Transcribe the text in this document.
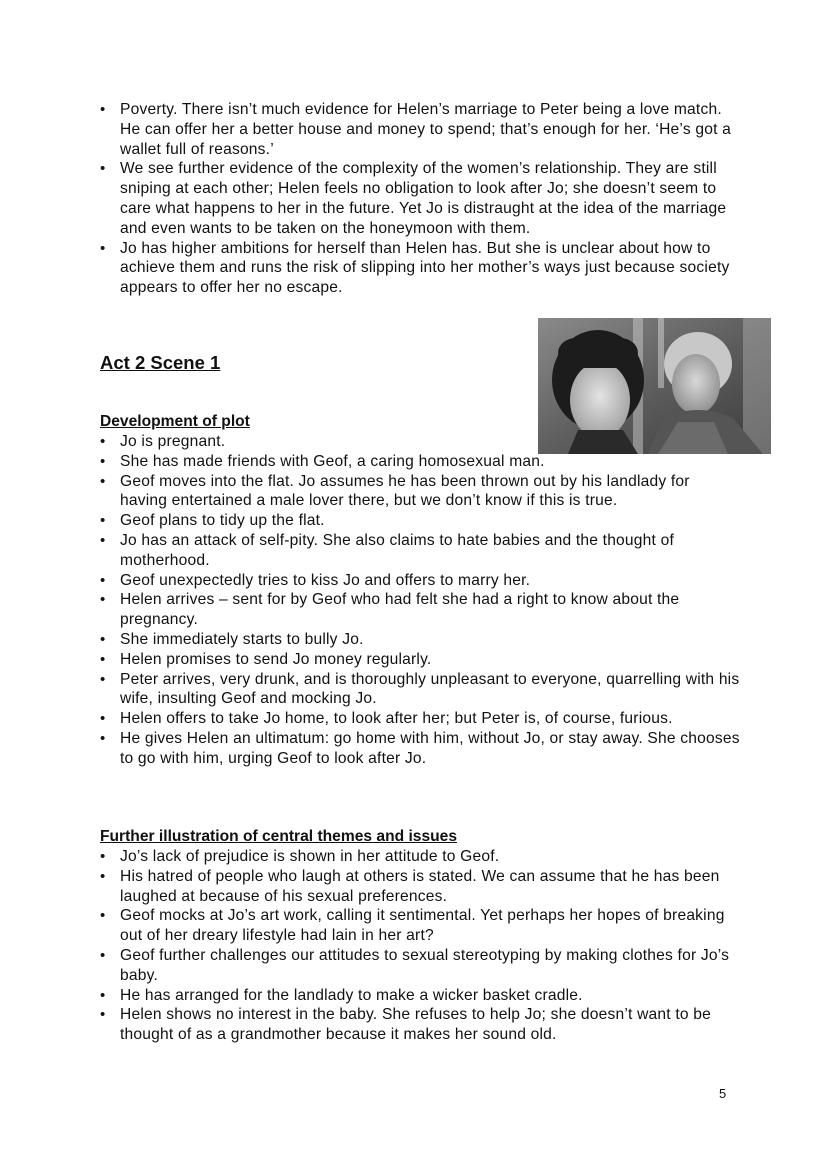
• Poverty. There isn’t much evidence for Helen’s marriage to Peter being a love match. He can offer her a better house and money to spend; that’s enough for her. ‘He’s got a wallet full of reasons.’
• We see further evidence of the complexity of the women’s relationship. They are still sniping at each other; Helen feels no obligation to look after Jo; she doesn’t seem to care what happens to her in the future. Yet Jo is distraught at the idea of the marriage and even wants to be taken on the honeymoon with them.
• Jo has higher ambitions for herself than Helen has. But she is unclear about how to achieve them and runs the risk of slipping into her mother’s ways just because society appears to offer her no escape.
Act 2 Scene 1
Development of plot
• Jo is pregnant.
• She has made friends with Geof, a caring homosexual man.
• Geof moves into the flat. Jo assumes he has been thrown out by his landlady for having entertained a male lover there, but we don’t know if this is true.
• Geof plans to tidy up the flat.
• Jo has an attack of self-pity. She also claims to hate babies and the thought of motherhood.
• Geof unexpectedly tries to kiss Jo and offers to marry her.
• Helen arrives – sent for by Geof who had felt she had a right to know about the pregnancy.
• She immediately starts to bully Jo.
• Helen promises to send Jo money regularly.
• Peter arrives, very drunk, and is thoroughly unpleasant to everyone, quarrelling with his wife, insulting Geof and mocking Jo.
• Helen offers to take Jo home, to look after her; but Peter is, of course, furious.
• He gives Helen an ultimatum: go home with him, without Jo, or stay away. She chooses to go with him, urging Geof to look after Jo.
Further illustration of central themes and issues
• Jo’s lack of prejudice is shown in her attitude to Geof.
• His hatred of people who laugh at others is stated. We can assume that he has been laughed at because of his sexual preferences.
• Geof mocks at Jo’s art work, calling it sentimental. Yet perhaps her hopes of breaking out of her dreary lifestyle had lain in her art?
• Geof further challenges our attitudes to sexual stereotyping by making clothes for Jo’s baby.
• He has arranged for the landlady to make a wicker basket cradle.
• Helen shows no interest in the baby. She refuses to help Jo; she doesn’t want to be thought of as a grandmother because it makes her sound old.
5
